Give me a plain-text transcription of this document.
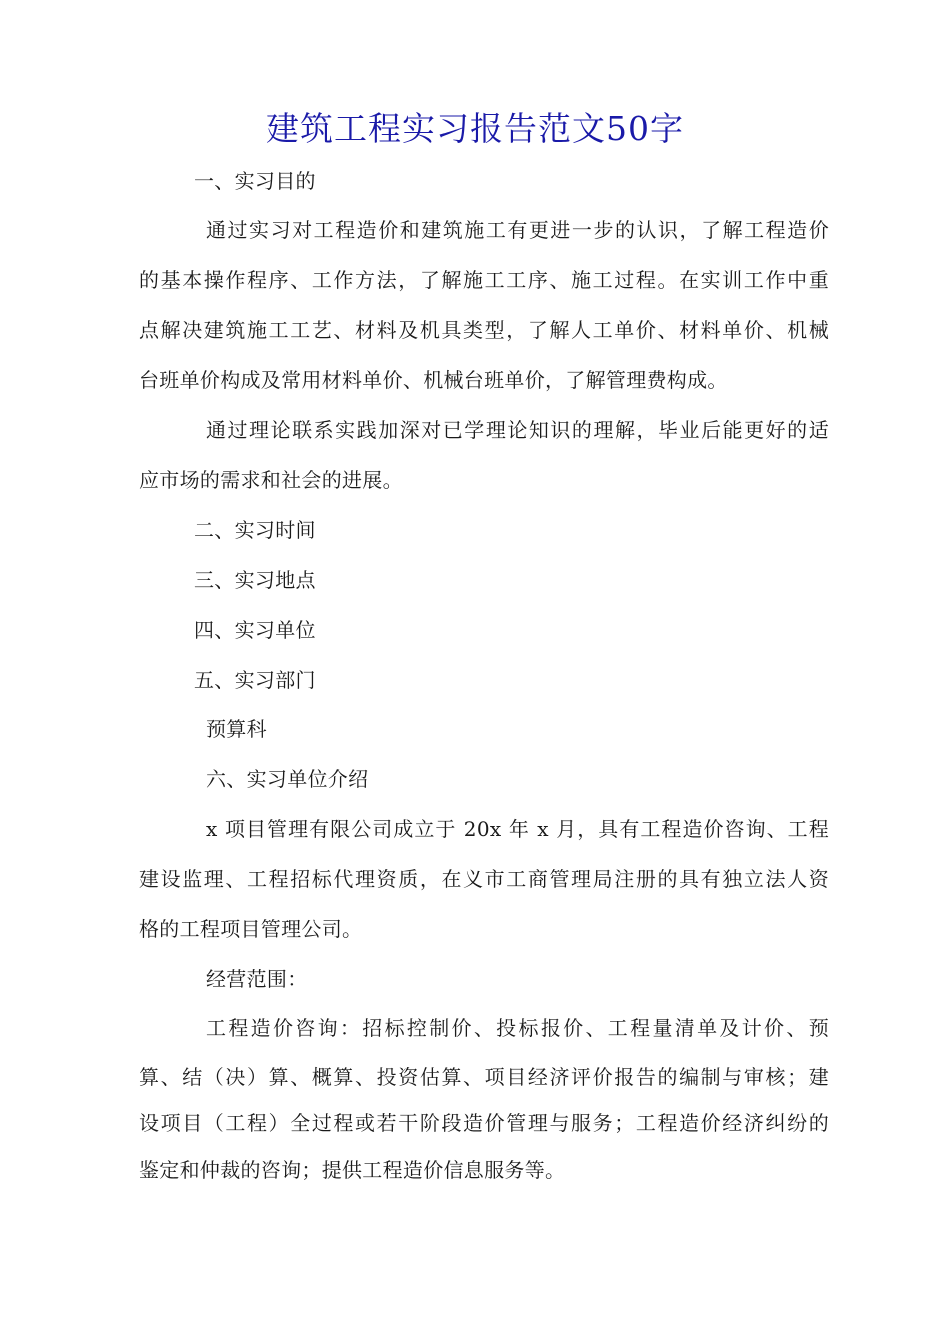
建筑工程实习报告范文50字
一、实习目的
通过实习对工程造价和建筑施工有更进一步的认识，了解工程造价
的基本操作程序、工作方法，了解施工工序、施工过程。在实训工作中重
点解决建筑施工工艺、材料及机具类型，了解人工单价、材料单价、机械
台班单价构成及常用材料单价、机械台班单价，了解管理费构成。
通过理论联系实践加深对已学理论知识的理解，毕业后能更好的适
应市场的需求和社会的进展。
二、实习时间
三、实习地点
四、实习单位
五、实习部门
预算科
六、实习单位介绍
x 项目管理有限公司成立于 20x 年 x 月，具有工程造价咨询、工程
建设监理、工程招标代理资质，在义市工商管理局注册的具有独立法人资
格的工程项目管理公司。
经营范围：
工程造价咨询：招标控制价、投标报价、工程量清单及计价、预
算、结（决）算、概算、投资估算、项目经济评价报告的编制与审核；建
设项目（工程）全过程或若干阶段造价管理与服务；工程造价经济纠纷的
鉴定和仲裁的咨询；提供工程造价信息服务等。
